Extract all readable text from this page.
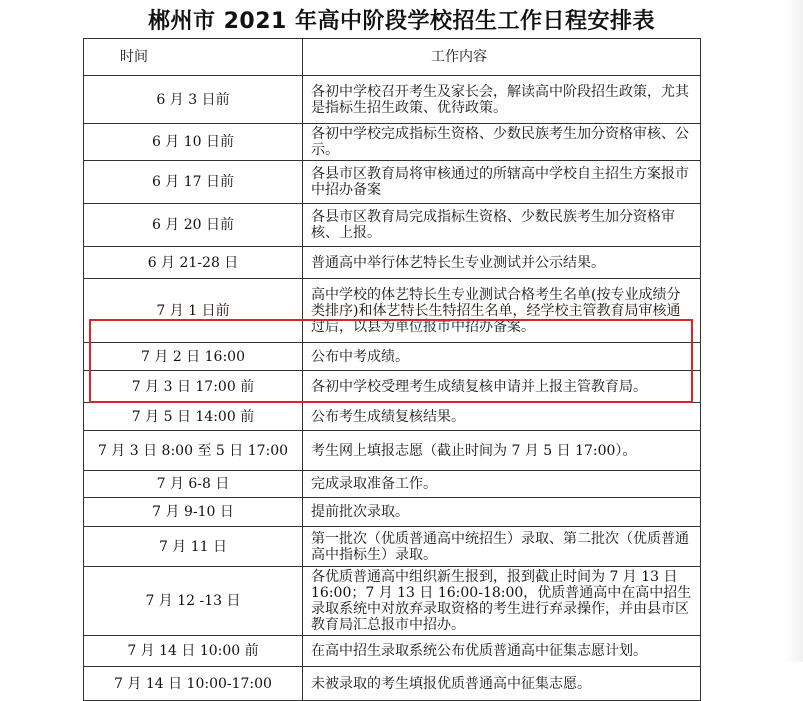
郴州市 2021 年高中阶段学校招生工作日程安排表
时间	工作内容
6 月 3 日前	各初中学校召开考生及家长会，解读高中阶段招生政策，尤其是指标生招生政策、优待政策。
6 月 10 日前	各初中学校完成指标生资格、少数民族考生加分资格审核、公示。
6 月 17 日前	各县市区教育局将审核通过的所辖高中学校自主招生方案报市中招办备案
6 月 20 日前	各县市区教育局完成指标生资格、少数民族考生加分资格审核、上报。
6 月 21-28 日	普通高中举行体艺特长生专业测试并公示结果。
7 月 1 日前	高中学校的体艺特长生专业测试合格考生名单(按专业成绩分类排序)和体艺特长生特招生名单，经学校主管教育局审核通过后，以县为单位报市中招办备案。
7 月 2 日 16:00	公布中考成绩。
7 月 3 日 17:00 前	各初中学校受理考生成绩复核申请并上报主管教育局。
7 月 5 日 14:00 前	公布考生成绩复核结果。
7 月 3 日 8:00 至 5 日 17:00	考生网上填报志愿（截止时间为 7 月 5 日 17:00）。
7 月 6-8 日	完成录取准备工作。
7 月 9-10 日	提前批次录取。
7 月 11 日	第一批次（优质普通高中统招生）录取、第二批次（优质普通高中指标生）录取。
7 月 12 -13 日	各优质普通高中组织新生报到，报到截止时间为 7 月 13 日 16:00；7 月 13 日 16:00-18:00，优质普通高中在高中招生录取系统中对放弃录取资格的考生进行弃录操作，并由县市区教育局汇总报市中招办。
7 月 14 日 10:00 前	在高中招生录取系统公布优质普通高中征集志愿计划。
7 月 14 日 10:00-17:00	未被录取的考生填报优质普通高中征集志愿。
